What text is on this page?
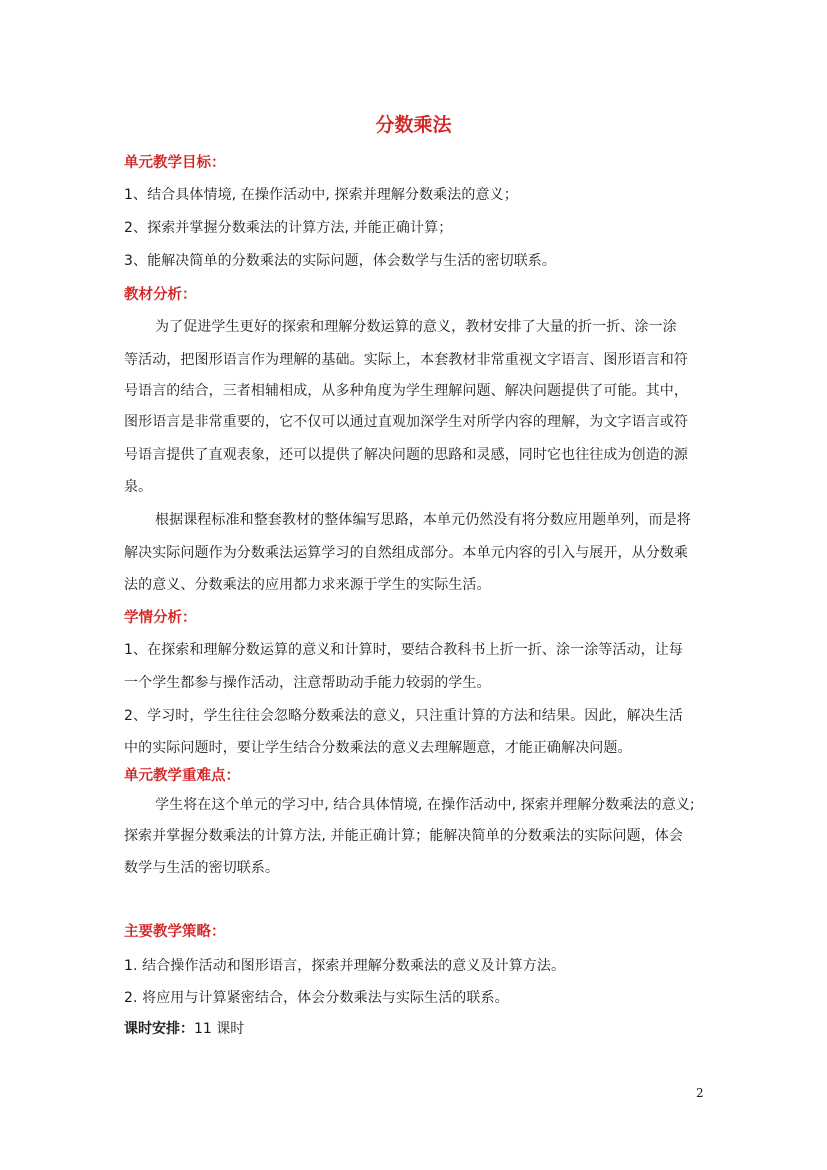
分数乘法
单元教学目标：
1、结合具体情境, 在操作活动中, 探索并理解分数乘法的意义；
2、探索并掌握分数乘法的计算方法, 并能正确计算；
3、能解决简单的分数乘法的实际问题，体会数学与生活的密切联系。
教材分析：
为了促进学生更好的探索和理解分数运算的意义，教材安排了大量的折一折、涂一涂
等活动，把图形语言作为理解的基础。实际上，本套教材非常重视文字语言、图形语言和符
号语言的结合，三者相辅相成，从多种角度为学生理解问题、解决问题提供了可能。其中，
图形语言是非常重要的，它不仅可以通过直观加深学生对所学内容的理解，为文字语言或符
号语言提供了直观表象，还可以提供了解决问题的思路和灵感，同时它也往往成为创造的源
泉。
根据课程标准和整套教材的整体编写思路，本单元仍然没有将分数应用题单列，而是将
解决实际问题作为分数乘法运算学习的自然组成部分。本单元内容的引入与展开，从分数乘
法的意义、分数乘法的应用都力求来源于学生的实际生活。
学情分析：
1、在探索和理解分数运算的意义和计算时，要结合教科书上折一折、涂一涂等活动，让每
一个学生都参与操作活动，注意帮助动手能力较弱的学生。
2、学习时，学生往往会忽略分数乘法的意义，只注重计算的方法和结果。因此，解决生活
中的实际问题时，要让学生结合分数乘法的意义去理解题意，才能正确解决问题。
单元教学重难点：
学生将在这个单元的学习中, 结合具体情境, 在操作活动中, 探索并理解分数乘法的意义;
探索并掌握分数乘法的计算方法, 并能正确计算；能解决简单的分数乘法的实际问题，体会
数学与生活的密切联系。
主要教学策略：
1. 结合操作活动和图形语言，探索并理解分数乘法的意义及计算方法。
2. 将应用与计算紧密结合，体会分数乘法与实际生活的联系。
课时安排：11 课时
2
